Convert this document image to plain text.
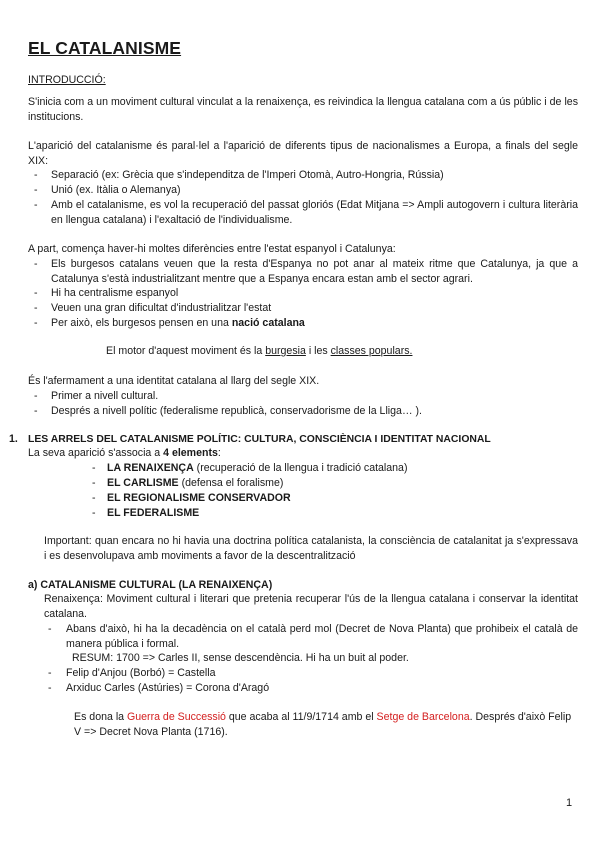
EL CATALANISME
INTRODUCCIÓ:
S'inicia com a un moviment cultural vinculat a la renaixença, es reivindica la llengua catalana com a ús públic i de les institucions.
L'aparició del catalanisme és paral·lel a l'aparició de diferents tipus de nacionalismes a Europa, a finals del segle XIX:
- Separació (ex: Grècia que s'independitza de l'Imperi Otomà, Autro-Hongria, Rússia)
- Unió (ex. Itàlia o Alemanya)
- Amb el catalanisme, es vol la recuperació del passat gloriós (Edat Mitjana => Ampli autogovern i cultura literària en llengua catalana) i l'exaltació de l'individualisme.
A part, comença haver-hi moltes diferències entre l'estat espanyol i Catalunya:
- Els burgesos catalans veuen que la resta d'Espanya no pot anar al mateix ritme que Catalunya, ja que a Catalunya s'està industrialitzant mentre que a Espanya encara estan amb el sector agrari.
- Hi ha centralisme espanyol
- Veuen una gran dificultat d'industrialitzar l'estat
- Per això, els burgesos pensen en una nació catalana
El motor d'aquest moviment és la burgesia i les classes populars.
És l'afermament a una identitat catalana al llarg del segle XIX.
- Primer a nivell cultural.
- Després a nivell polític (federalisme republicà, conservadorisme de la Lliga… ).
1. LES ARRELS DEL CATALANISME POLÍTIC: CULTURA, CONSCIÈNCIA I IDENTITAT NACIONAL
La seva aparició s'associa a 4 elements:
- LA RENAIXENÇA (recuperació de la llengua i tradició catalana)
- EL CARLISME (defensa el foralisme)
- EL REGIONALISME CONSERVADOR
- EL FEDERALISME
Important: quan encara no hi havia una doctrina política catalanista, la consciència de catalanitat ja s'expressava i es desenvolupava amb moviments a favor de la descentralització
a) CATALANISME CULTURAL (LA RENAIXENÇA)
Renaixença: Moviment cultural i literari que pretenia recuperar l'ús de la llengua catalana i conservar la identitat catalana.
- Abans d'això, hi ha la decadència on el català perd mol (Decret de Nova Planta) que prohibeix el català de manera pública i formal.
RESUM: 1700 => Carles II, sense descendència. Hi ha un buit al poder.
- Felip d'Anjou (Borbó) = Castella
- Arxiduc Carles (Astúries) = Corona d'Aragó
Es dona la Guerra de Successió que acaba al 11/9/1714 amb el Setge de Barcelona. Després d'això Felip V => Decret Nova Planta (1716).
1
